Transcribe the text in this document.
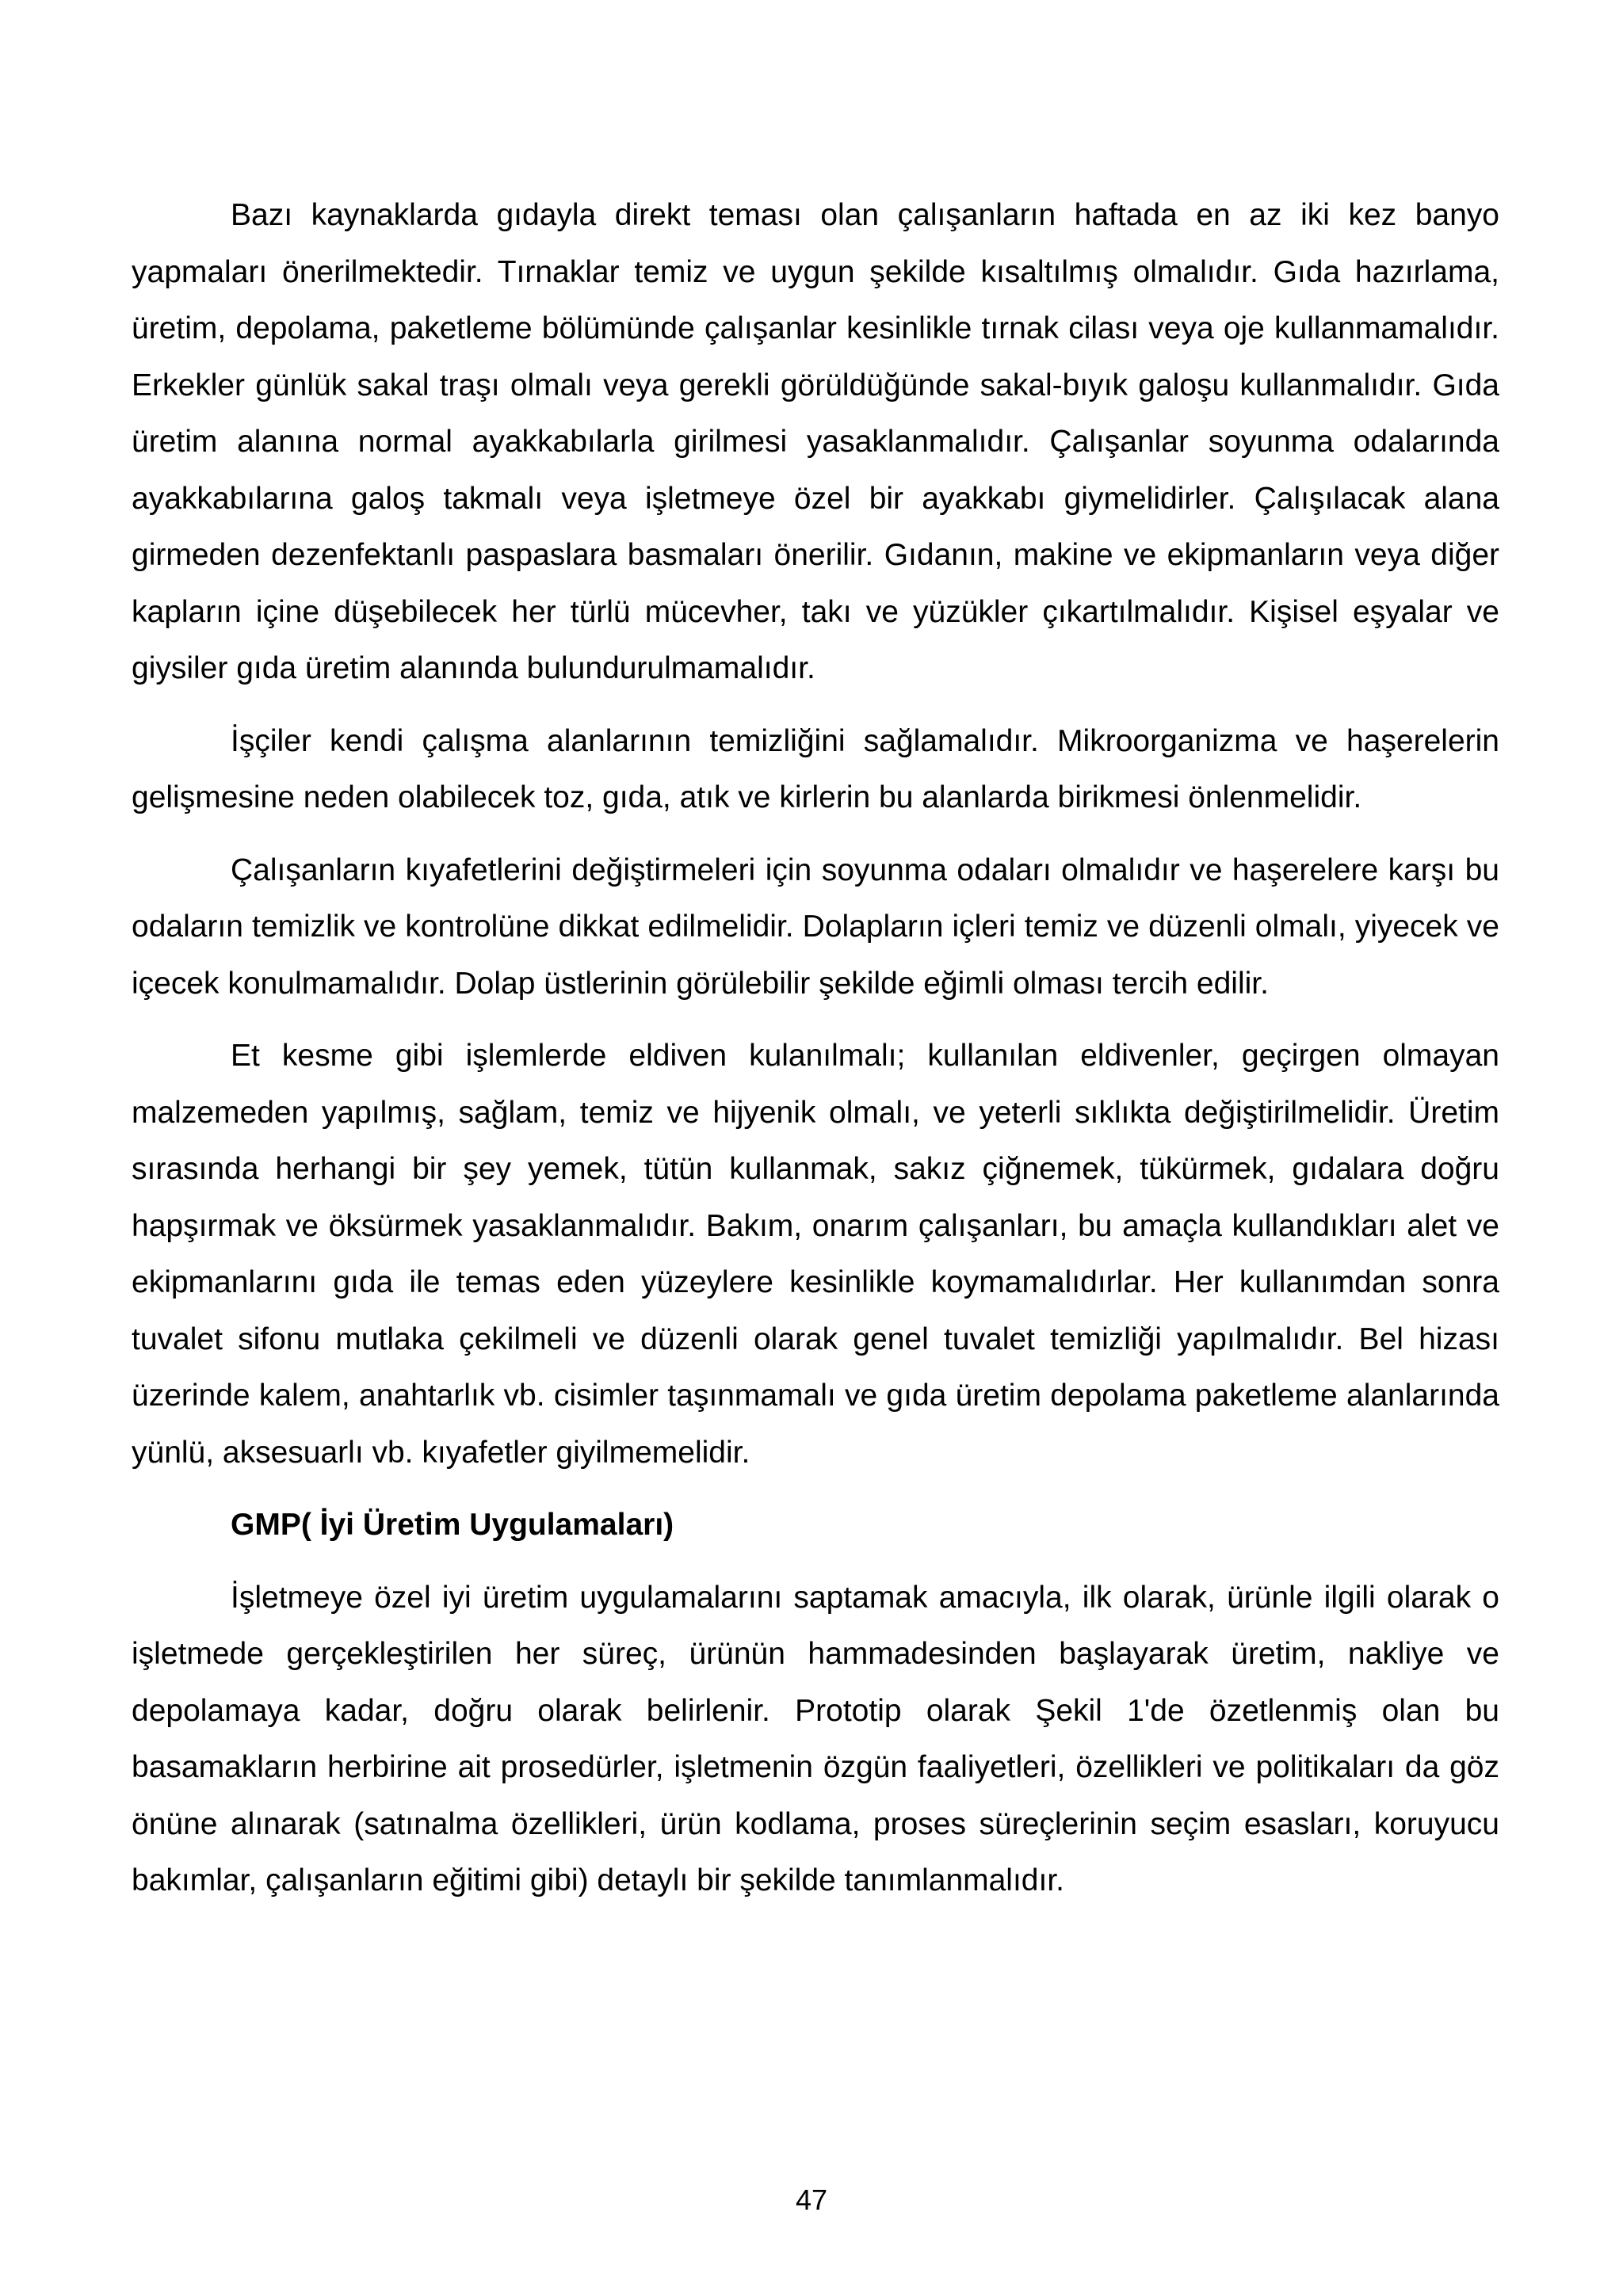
Bazı kaynaklarda gıdayla direkt teması olan çalışanların haftada en az iki kez banyo yapmaları önerilmektedir. Tırnaklar temiz ve uygun şekilde kısaltılmış olmalıdır. Gıda hazırlama, üretim, depolama, paketleme bölümünde çalışanlar kesinlikle tırnak cilası veya oje kullanmamalıdır. Erkekler günlük sakal traşı olmalı veya gerekli görüldüğünde sakal-bıyık galoşu kullanmalıdır. Gıda üretim alanına normal ayakkabılarla girilmesi yasaklanmalıdır. Çalışanlar soyunma odalarında ayakkabılarına galoş takmalı veya işletmeye özel bir ayakkabı giymelidirler. Çalışılacak alana girmeden dezenfektanlı paspaslara basmaları önerilir. Gıdanın, makine ve ekipmanların veya diğer kapların içine düşebilecek her türlü mücevher, takı ve yüzükler çıkartılmalıdır. Kişisel eşyalar ve giysiler gıda üretim alanında bulundurulmamalıdır.

İşçiler kendi çalışma alanlarının temizliğini sağlamalıdır. Mikroorganizma ve haşerelerin gelişmesine neden olabilecek toz, gıda, atık ve kirlerin bu alanlarda birikmesi önlenmelidir.

Çalışanların kıyafetlerini değiştirmeleri için soyunma odaları olmalıdır ve haşerelere karşı bu odaların temizlik ve kontrolüne dikkat edilmelidir. Dolapların içleri temiz ve düzenli olmalı, yiyecek ve içecek konulmamalıdır. Dolap üstlerinin görülebilir şekilde eğimli olması tercih edilir.

Et kesme gibi işlemlerde eldiven kulanılmalı; kullanılan eldivenler, geçirgen olmayan malzemeden yapılmış, sağlam, temiz ve hijyenik olmalı, ve yeterli sıklıkta değiştirilmelidir. Üretim sırasında herhangi bir şey yemek, tütün kullanmak, sakız çiğnemek, tükürmek, gıdalara doğru hapşırmak ve öksürmek yasaklanmalıdır. Bakım, onarım çalışanları, bu amaçla kullandıkları alet ve ekipmanlarını gıda ile temas eden yüzeylere kesinlikle koymamalıdırlar. Her kullanımdan sonra tuvalet sifonu mutlaka çekilmeli ve düzenli olarak genel tuvalet temizliği yapılmalıdır. Bel hizası üzerinde kalem, anahtarlık vb. cisimler taşınmamalı ve gıda üretim depolama paketleme alanlarında yünlü, aksesuarlı vb. kıyafetler giyilmemelidir.

GMP( İyi Üretim Uygulamaları)

İşletmeye özel iyi üretim uygulamalarını saptamak amacıyla, ilk olarak, ürünle ilgili olarak o işletmede gerçekleştirilen her süreç, ürünün hammadesinden başlayarak üretim, nakliye ve depolamaya kadar, doğru olarak belirlenir. Prototip olarak Şekil 1'de özetlenmiş olan bu basamakların herbirine ait prosedürler, işletmenin özgün faaliyetleri, özellikleri ve politikaları da göz önüne alınarak (satınalma özellikleri, ürün kodlama, proses süreçlerinin seçim esasları, koruyucu bakımlar, çalışanların eğitimi gibi) detaylı bir şekilde tanımlanmalıdır.

47
